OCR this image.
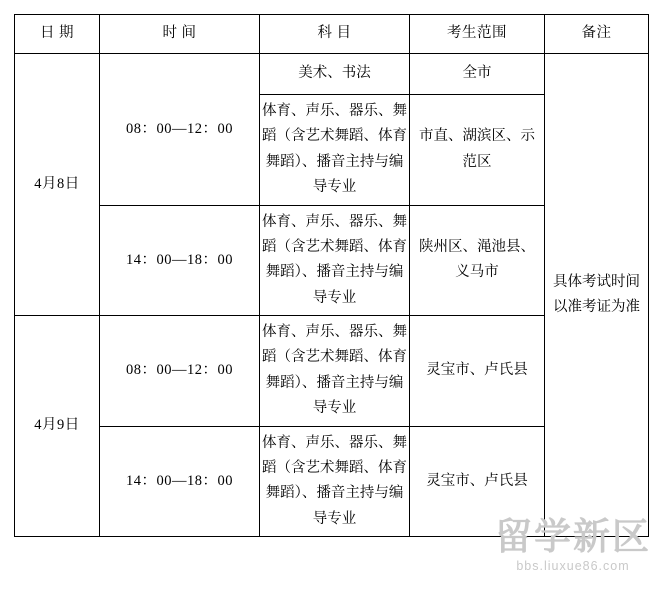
日 期	时 间	科 目	考生范围	备注
4月8日	08：00—12：00	美术、书法	全市	具体考试时间以准考证为准
		体育、声乐、器乐、舞蹈（含艺术舞蹈、体育舞蹈）、播音主持与编导专业	市直、湖滨区、示范区	
	14：00—18：00	体育、声乐、器乐、舞蹈（含艺术舞蹈、体育舞蹈）、播音主持与编导专业	陕州区、渑池县、义马市	
4月9日	08：00—12：00	体育、声乐、器乐、舞蹈（含艺术舞蹈、体育舞蹈）、播音主持与编导专业	灵宝市、卢氏县	
	14：00—18：00	体育、声乐、器乐、舞蹈（含艺术舞蹈、体育舞蹈）、播音主持与编导专业	灵宝市、卢氏县	
留学新区
bbs.liuxue86.com
